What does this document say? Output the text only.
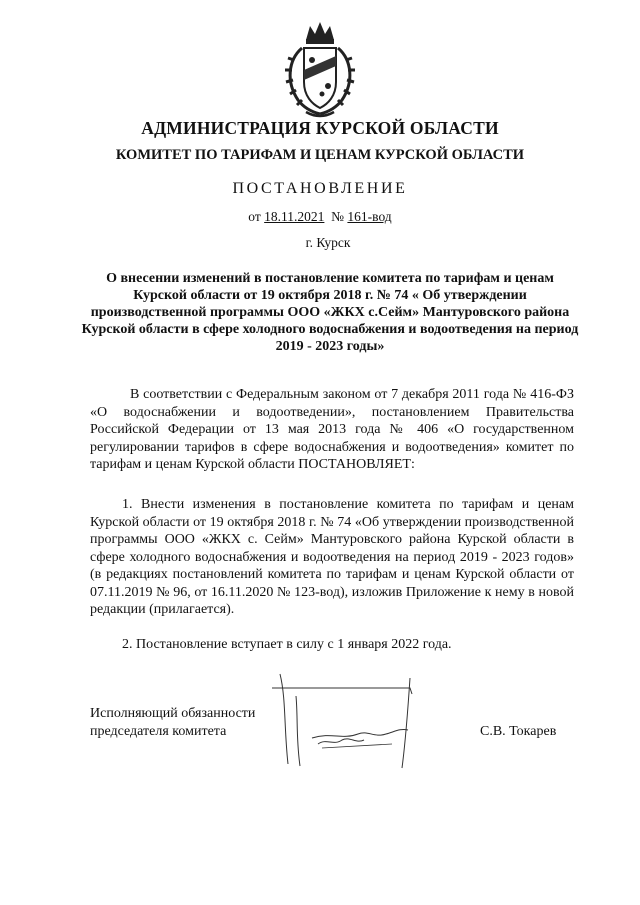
АДМИНИСТРАЦИЯ КУРСКОЙ ОБЛАСТИ
КОМИТЕТ ПО ТАРИФАМ И ЦЕНАМ КУРСКОЙ ОБЛАСТИ
ПОСТАНОВЛЕНИЕ
от 18.11.2021 № 161-вод
г. Курск
О внесении изменений в постановление комитета по тарифам и ценам Курской области от 19 октября 2018 г. № 74 « Об утверждении производственной программы ООО «ЖКХ с.Сейм» Мантуровского района Курской области в сфере холодного водоснабжения и водоотведения на период 2019 - 2023 годы»
В соответствии с Федеральным законом от 7 декабря 2011 года № 416-ФЗ «О водоснабжении и водоотведении», постановлением Правительства Российской Федерации от 13 мая 2013 года № 406 «О государственном регулировании тарифов в сфере водоснабжения и водоотведения» комитет по тарифам и ценам Курской области ПОСТАНОВЛЯЕТ:
1. Внести изменения в постановление комитета по тарифам и ценам Курской области от 19 октября 2018 г. № 74 «Об утверждении производственной программы ООО «ЖКХ с. Сейм» Мантуровского района Курской области в сфере холодного водоснабжения и водоотведения на период 2019 - 2023 годов» (в редакциях постановлений комитета по тарифам и ценам Курской области от 07.11.2019 № 96, от 16.11.2020 № 123-вод), изложив Приложение к нему в новой редакции (прилагается).
2. Постановление вступает в силу с 1 января 2022 года.
Исполняющий обязанности
председателя комитета	С.В. Токарев
